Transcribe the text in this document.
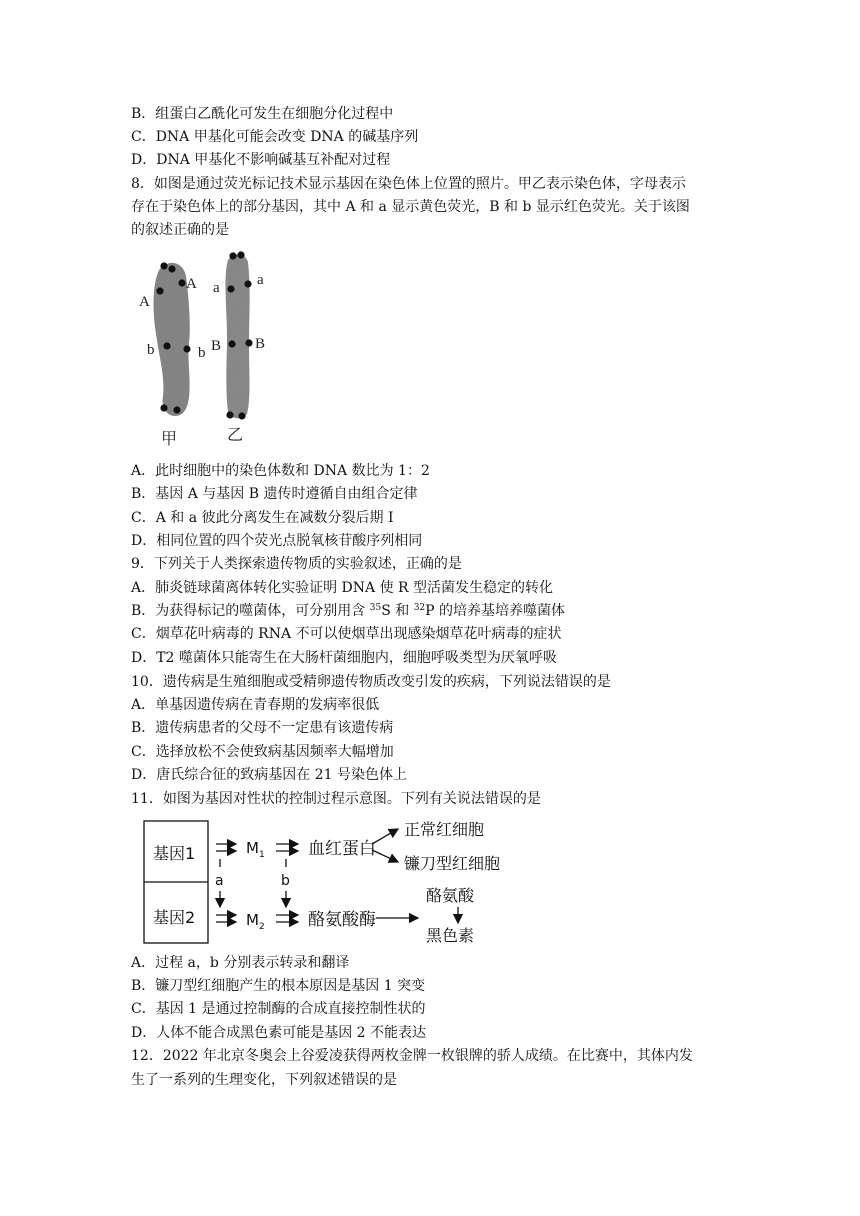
B．组蛋白乙酰化可发生在细胞分化过程中
C．DNA 甲基化可能会改变 DNA 的碱基序列
D．DNA 甲基化不影响碱基互补配对过程
8．如图是通过荧光标记技术显示基因在染色体上位置的照片。甲乙表示染色体，字母表示
存在于染色体上的部分基因，其中 A 和 a 显示黄色荧光，B 和 b 显示红色荧光。关于该图
的叙述正确的是
A
A
b	b
a a
B B
甲	乙
A．此时细胞中的染色体数和 DNA 数比为 1：2
B．基因 A 与基因 B 遗传时遵循自由组合定律
C．A 和 a 彼此分离发生在减数分裂后期 Ⅰ
D．相同位置的四个荧光点脱氧核苷酸序列相同
9．下列关于人类探索遗传物质的实验叙述，正确的是
A．肺炎链球菌离体转化实验证明 DNA 使 R 型活菌发生稳定的转化
B．为获得标记的噬菌体，可分别用含 $^{35}$S 和 $^{32}$P 的培养基培养噬菌体
C．烟草花叶病毒的 RNA 不可以使烟草出现感染烟草花叶病毒的症状
D．T2 噬菌体只能寄生在大肠杆菌细胞内，细胞呼吸类型为厌氧呼吸
10．遗传病是生殖细胞或受精卵遗传物质改变引发的疾病，下列说法错误的是
A．单基因遗传病在青春期的发病率很低
B．遗传病患者的父母不一定患有该遗传病
C．选择放松不会使致病基因频率大幅增加
D．唐氏综合征的致病基因在 21 号染色体上
11．如图为基因对性状的控制过程示意图。下列有关说法错误的是
基因1
基因2
$M_1$
$M_2$
a	b
血红蛋白
正常红细胞
镰刀型红细胞
酪氨酸酶
酪氨酸
黑色素
A．过程 a，b 分别表示转录和翻译
B．镰刀型红细胞产生的根本原因是基因 1 突变
C．基因 1 是通过控制酶的合成直接控制性状的
D．人体不能合成黑色素可能是基因 2 不能表达
12．2022 年北京冬奥会上谷爱凌获得两枚金牌一枚银牌的骄人成绩。在比赛中，其体内发
生了一系列的生理变化，下列叙述错误的是
